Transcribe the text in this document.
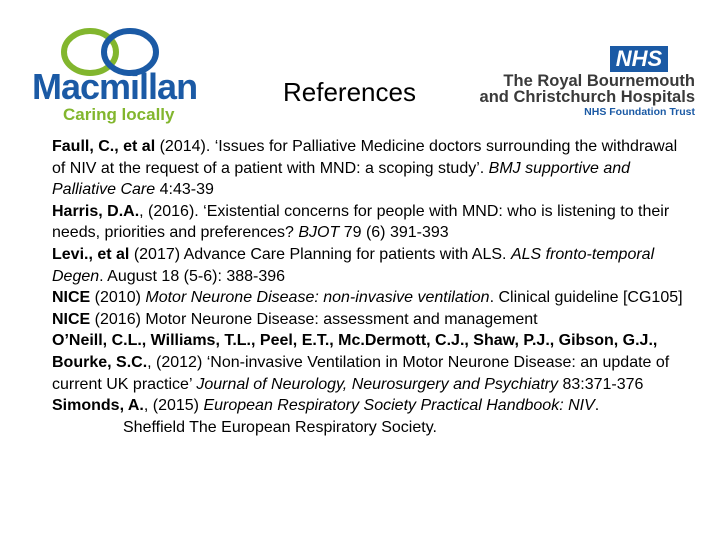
Macmillan
Caring locally
References
NHS
The Royal Bournemouth
and Christchurch Hospitals
NHS Foundation Trust

Faull, C., et al (2014). ‘Issues for Palliative Medicine doctors surrounding the withdrawal of NIV at the request of a patient with MND: a scoping study’. BMJ supportive and Palliative Care 4:43-39

Harris, D.A., (2016). ‘Existential concerns for people with MND: who is listening to their needs, priorities and preferences? BJOT 79 (6) 391-393

Levi., et al (2017) Advance Care Planning for patients with ALS. ALS fronto-temporal Degen. August 18 (5-6): 388-396

NICE (2010) Motor Neurone Disease: non-invasive ventilation. Clinical guideline [CG105]

NICE (2016) Motor Neurone Disease: assessment and management

O’Neill, C.L., Williams, T.L., Peel, E.T., Mc.Dermott, C.J., Shaw, P.J., Gibson, G.J., Bourke, S.C., (2012) ‘Non-invasive Ventilation in Motor Neurone Disease: an update of current UK practice’ Journal of Neurology, Neurosurgery and Psychiatry 83:371-376

Simonds, A., (2015) European Respiratory Society Practical Handbook: NIV.

Sheffield The European Respiratory Society.
